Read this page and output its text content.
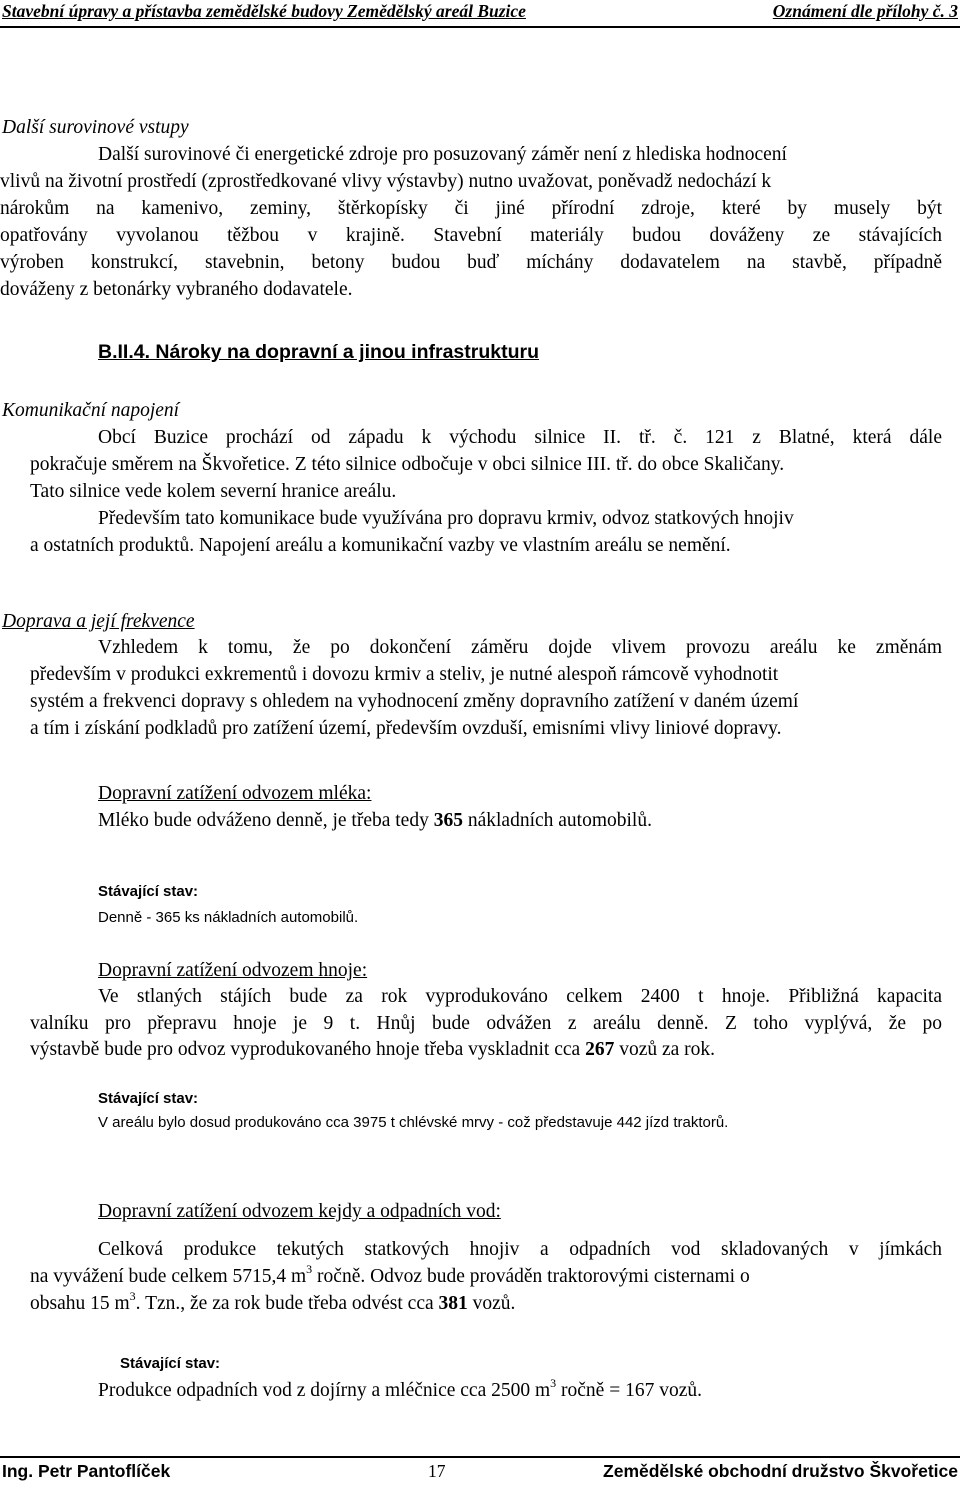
Stavební úpravy a přístavba zemědělské budovy Zemědělský areál Buzice	Oznámení dle přílohy č. 3
Další surovinové vstupy
Další surovinové či energetické zdroje pro posuzovaný záměr není z hlediska hodnocení
vlivů na životní prostředí (zprostředkované vlivy výstavby) nutno uvažovat, poněvadž nedochází k
nárokům na kamenivo, zeminy, štěrkopísky či jiné přírodní zdroje, které by musely být
opatřovány vyvolanou těžbou v krajině. Stavební materiály budou dováženy ze stávajících
výroben konstrukcí, stavebnin, betony budou buď míchány dodavatelem na stavbě, případně
dováženy z betonárky vybraného dodavatele.
B.II.4. Nároky na dopravní a jinou infrastrukturu
Komunikační napojení
Obcí Buzice prochází od západu k východu silnice II. tř. č. 121 z Blatné, která dále
pokračuje směrem na Škvořetice. Z této silnice odbočuje v obci silnice III. tř. do obce Skaličany.
Tato silnice vede kolem severní hranice areálu.
Především tato komunikace bude využívána pro dopravu krmiv, odvoz statkových hnojiv
a ostatních produktů. Napojení areálu a komunikační vazby ve vlastním areálu se nemění.
Doprava a její frekvence
Vzhledem k tomu, že po dokončení záměru dojde vlivem provozu areálu ke změnám
především v produkci exkrementů i dovozu krmiv a steliv, je nutné alespoň rámcově vyhodnotit
systém a frekvenci dopravy s ohledem na vyhodnocení změny dopravního zatížení v daném území
a tím i získání podkladů pro zatížení území, především ovzduší, emisními vlivy liniové dopravy.
Dopravní zatížení odvozem mléka:
Mléko bude odváženo denně, je třeba tedy 365 nákladních automobilů.
Stávající stav:
Denně - 365 ks nákladních automobilů.
Dopravní zatížení odvozem hnoje:
Ve stlaných stájích bude za rok vyprodukováno celkem 2400 t hnoje. Přibližná kapacita
valníku pro přepravu hnoje je 9 t. Hnůj bude odvážen z areálu denně. Z toho vyplývá, že po
výstavbě bude pro odvoz vyprodukovaného hnoje třeba vyskladnit cca 267 vozů za rok.
Stávající stav:
V areálu bylo dosud produkováno cca 3975 t chlévské mrvy - což představuje 442 jízd traktorů.
Dopravní zatížení odvozem kejdy a odpadních vod:
Celková produkce tekutých statkových hnojiv a odpadních vod skladovaných v jímkách
na vyvážení bude celkem 5715,4 $m^3$ ročně. Odvoz bude prováděn traktorovými cisternami o
obsahu 15 $m^3$. Tzn., že za rok bude třeba odvést cca 381 vozů.
Stávající stav:
Produkce odpadních vod z dojírny a mléčnice cca 2500 $m^3$ ročně = 167 vozů.
Ing. Petr Pantoflíček	17	Zemědělské obchodní družstvo Škvořetice
